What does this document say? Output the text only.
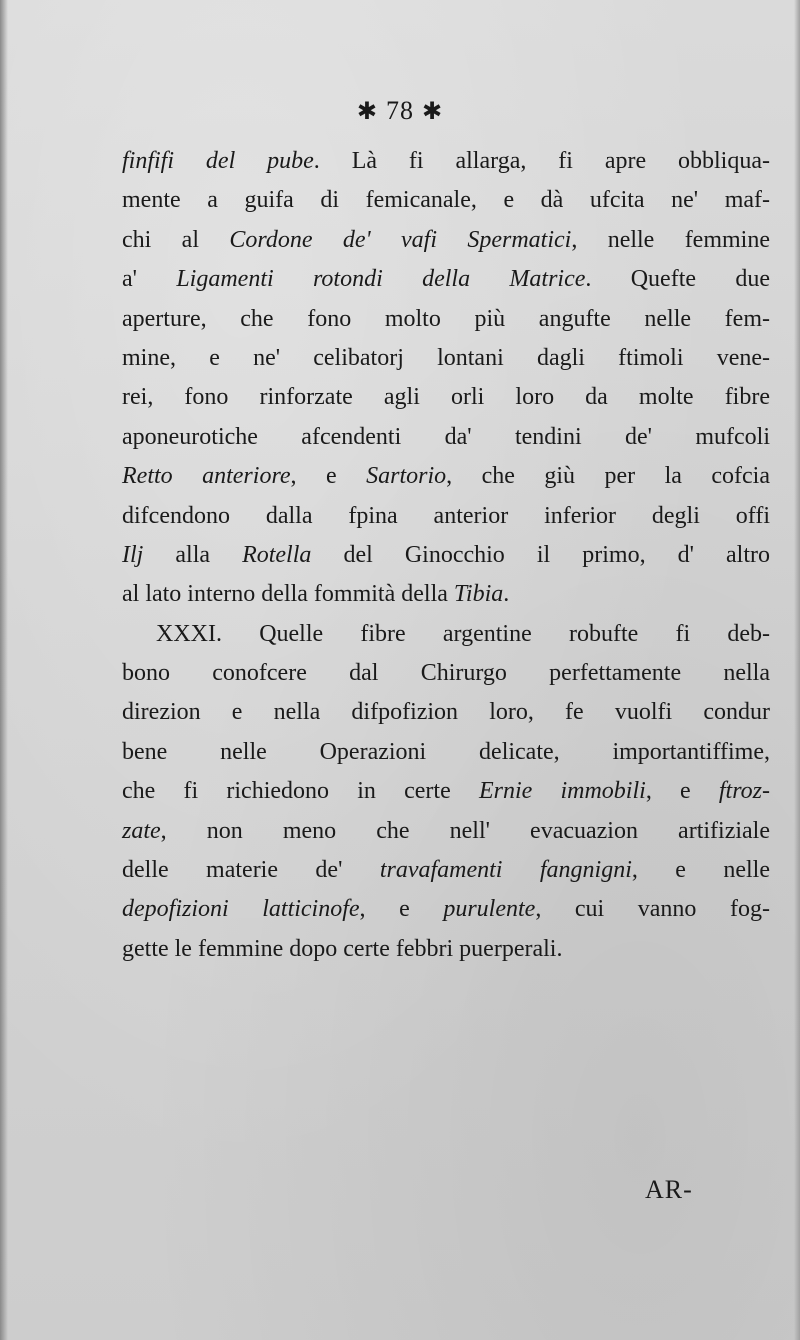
✱ 78 ✱
finfifi del pube. Là fi allarga, fi apre obbliqua-
mente a guifa di femicanale, e dà ufcita ne' maf-
chi al Cordone de' vafi Spermatici, nelle femmine
a' Ligamenti rotondi della Matrice. Quefte due
aperture, che fono molto più angufte nelle fem-
mine, e ne' celibatorj lontani dagli ftimoli vene-
rei, fono rinforzate agli orli loro da molte fibre
aponeurotiche afcendenti da' tendini de' mufcoli
Retto anteriore, e Sartorio, che giù per la cofcia
difcendono dalla fpina anterior inferior degli offi
Ilj alla Rotella del Ginocchio il primo, d' altro
al lato interno della fommità della Tibia.
XXXI. Quelle fibre argentine robufte fi deb-
bono conofcere dal Chirurgo perfettamente nella
direzion e nella difpofizion loro, fe vuolfi condur
bene nelle Operazioni delicate, importantiffime,
che fi richiedono in certe Ernie immobili, e ftroz-
zate, non meno che nell' evacuazion artifiziale
delle materie de' travafamenti fangnigni, e nelle
depofizioni latticinofe, e purulente, cui vanno fog-
gette le femmine dopo certe febbri puerperali.
AR-
